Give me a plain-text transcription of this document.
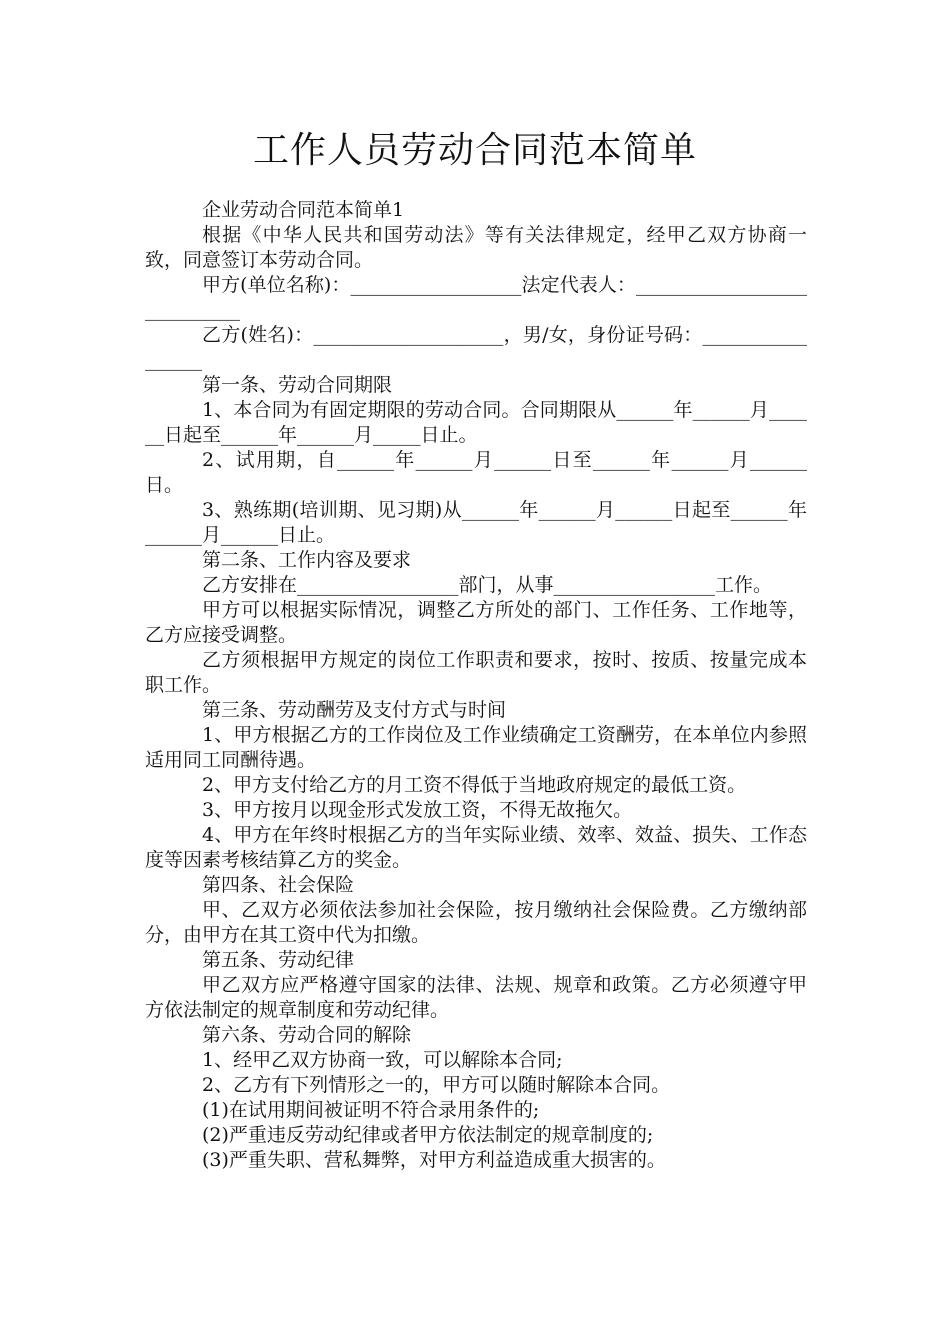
工作人员劳动合同范本简单

企业劳动合同范本简单1

根据《中华人民共和国劳动法》等有关法律规定，经甲乙双方协商一致，同意签订本劳动合同。

甲方(单位名称)：__________________法定代表人：____________________________

乙方(姓名)：____________________，男/女，身份证号码：_________________

第一条、劳动合同期限

1、本合同为有固定期限的劳动合同。合同期限从______年______月______日起至______年______月_____日止。

2、试用期，自______年______月______日至______年______月______日。

3、熟练期(培训期、见习期)从______年______月______日起至______年______月______日止。

第二条、工作内容及要求

乙方安排在_________________部门，从事_________________工作。

甲方可以根据实际情况，调整乙方所处的部门、工作任务、工作地等，乙方应接受调整。

乙方须根据甲方规定的岗位工作职责和要求，按时、按质、按量完成本职工作。

第三条、劳动酬劳及支付方式与时间

1、甲方根据乙方的工作岗位及工作业绩确定工资酬劳，在本单位内参照适用同工同酬待遇。

2、甲方支付给乙方的月工资不得低于当地政府规定的最低工资。

3、甲方按月以现金形式发放工资，不得无故拖欠。

4、甲方在年终时根据乙方的当年实际业绩、效率、效益、损失、工作态度等因素考核结算乙方的奖金。

第四条、社会保险

甲、乙双方必须依法参加社会保险，按月缴纳社会保险费。乙方缴纳部分，由甲方在其工资中代为扣缴。

第五条、劳动纪律

甲乙双方应严格遵守国家的法律、法规、规章和政策。乙方必须遵守甲方依法制定的规章制度和劳动纪律。

第六条、劳动合同的解除

1、经甲乙双方协商一致，可以解除本合同;

2、乙方有下列情形之一的，甲方可以随时解除本合同。

(1)在试用期间被证明不符合录用条件的;

(2)严重违反劳动纪律或者甲方依法制定的规章制度的;

(3)严重失职、营私舞弊，对甲方利益造成重大损害的。
